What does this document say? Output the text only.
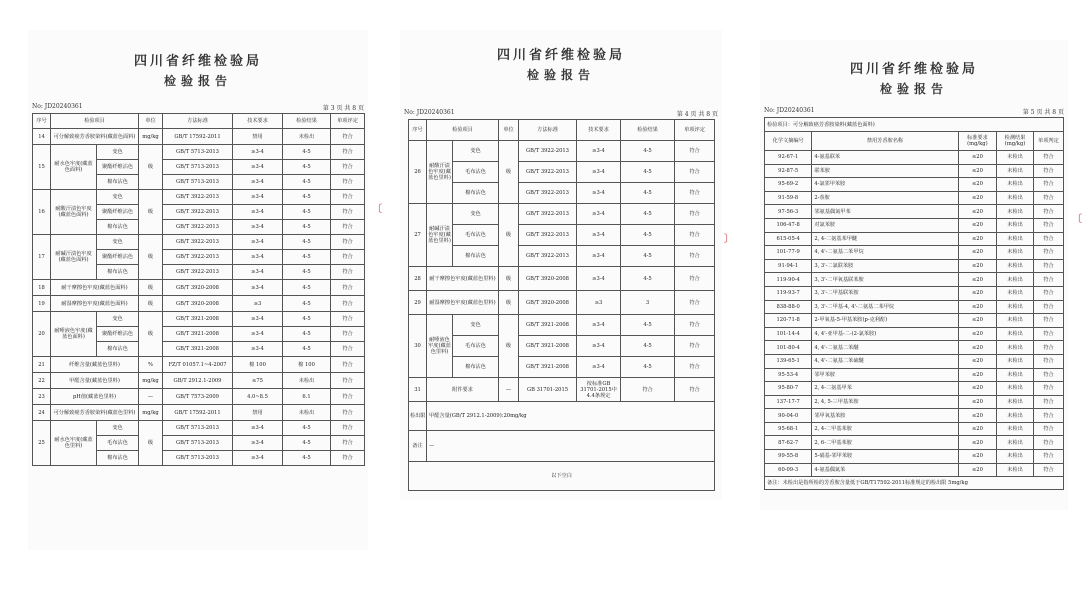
四川省纤维检验局
检验报告
No: JD20240361	第 3 页 共 8 页
序号	检验项目		单位	方法标准	技术要求	检验结果	单项评定
14	可分解致癌芳香胺染料(藏蓝色面料)		mg/kg	GB/T 17592-2011	禁用	未检出	符合
15	耐水色牢度(藏蓝色面料)	变色	级	GB/T 5713-2013	≥3-4	4-5	符合
		聚酯纤维沾色		GB/T 5713-2013	≥3-4	4-5	符合
		棉布沾色		GB/T 5713-2013	≥3-4	4-5	符合
16	耐酸汗渍色牢度(藏蓝色面料)	变色	级	GB/T 3922-2013	≥3-4	4-5	符合
		聚酯纤维沾色		GB/T 3922-2013	≥3-4	4-5	符合
		棉布沾色		GB/T 3922-2013	≥3-4	4-5	符合
17	耐碱汗渍色牢度(藏蓝色面料)	变色	级	GB/T 3922-2013	≥3-4	4-5	符合
		聚酯纤维沾色		GB/T 3922-2013	≥3-4	4-5	符合
		棉布沾色		GB/T 3922-2013	≥3-4	4-5	符合
18	耐干摩擦色牢度(藏蓝色面料)		级	GB/T 3920-2008	≥3-4	4-5	符合
19	耐湿摩擦色牢度(藏蓝色面料)		级	GB/T 3920-2008	≥3	4-5	符合
20	耐唾液色牢度(藏蓝色面料)	变色	级	GB/T 3921-2008	≥3-4	4-5	符合
		聚酯纤维沾色		GB/T 3921-2008	≥3-4	4-5	符合
		棉布沾色		GB/T 3921-2008	≥3-4	4-5	符合
21	纤维含量(藏蓝色里料)		%	FZ/T 01057.1~4-2007	棉 100	棉 100	符合
22	甲醛含量(藏蓝色里料)		mg/kg	GB/T 2912.1-2009	≤75	未检出	符合
23	pH值(藏蓝色里料)		—	GB/T 7573-2009	4.0~8.5	6.1	符合
24	可分解致癌芳香胺染料(藏蓝色里料)		mg/kg	GB/T 17592-2011	禁用	未检出	符合
25	耐水色牢度(藏蓝色里料)	变色	级	GB/T 5713-2013	≥3-4	4-5	符合
		毛布沾色		GB/T 5713-2013	≥3-4	4-5	符合
		棉布沾色		GB/T 5713-2013	≥3-4	4-5	符合
四川省纤维检验局
检验报告
No: JD20240361	第 4 页 共 8 页
序号	检验项目		单位	方法标准	技术要求	检验结果	单项评定
26	耐酸汗渍色牢度(藏蓝色里料)	变色	级	GB/T 3922-2013	≥3-4	4-5	符合
		毛布沾色		GB/T 3922-2013	≥3-4	4-5	符合
		棉布沾色		GB/T 3922-2013	≥3-4	4-5	符合
27	耐碱汗渍色牢度(藏蓝色里料)	变色	级	GB/T 3922-2013	≥3-4	4-5	符合
		毛布沾色		GB/T 3922-2013	≥3-4	4-5	符合
		棉布沾色		GB/T 3922-2013	≥3-4	4-5	符合
28	耐干摩擦色牢度(藏蓝色里料)		级	GB/T 3920-2008	≥3-4	4-5	符合
29	耐湿摩擦色牢度(藏蓝色里料)		级	GB/T 3920-2008	≥3	3	符合
30	耐唾液色牢度(藏蓝色里料)	变色	级	GB/T 3921-2008	≥3-4	4-5	符合
		毛布沾色		GB/T 3921-2008	≥3-4	4-5	符合
		棉布沾色		GB/T 3921-2008	≥3-4	4-5	符合
31	附件要求		—	GB 31701-2015	按标准GB 31701-2015中4.4条规定	符合	符合
检出限	甲醛含量(GB/T 2912.1-2009):20mg/kg						
备注	—						
以下空白							
四川省纤维检验局
检验报告
No: JD20240361	第 5 页 共 8 页
检验项目：可分解致癌芳香胺染料(藏蓝色面料)				
化学文摘编号	禁用芳香胺名称	标准要求(mg/kg)	检测结果(mg/kg)	单项判定
92-67-1	4-氨基联苯	≤20	未检出	符合
92-87-5	联苯胺	≤20	未检出	符合
95-69-2	4-氯邻甲苯胺	≤20	未检出	符合
91-59-8	2-萘胺	≤20	未检出	符合
97-56-3	邻氨基偶氮甲苯	≤20	未检出	符合
106-47-8	对氯苯胺	≤20	未检出	符合
615-05-4	2, 4-二氨基苯甲醚	≤20	未检出	符合
101-77-9	4, 4'-二氨基二苯甲烷	≤20	未检出	符合
91-94-1	3, 3'-二氯联苯胺	≤20	未检出	符合
119-90-4	3, 3'-二甲氧基联苯胺	≤20	未检出	符合
119-93-7	3, 3'-二甲基联苯胺	≤20	未检出	符合
838-88-0	3, 3'-二甲基-4, 4'-二氨基二苯甲烷	≤20	未检出	符合
120-71-8	2-甲氧基-5-甲基苯胺(p-克利酊)	≤20	未检出	符合
101-14-4	4, 4'-亚甲基-二-(2-氯苯胺)	≤20	未检出	符合
101-80-4	4, 4'-二氨基二苯醚	≤20	未检出	符合
139-65-1	4, 4'-二氨基二苯硫醚	≤20	未检出	符合
95-53-4	邻甲苯胺	≤20	未检出	符合
95-80-7	2, 4-二氨基甲苯	≤20	未检出	符合
137-17-7	2, 4, 5-三甲基苯胺	≤20	未检出	符合
90-04-0	邻甲氧基苯胺	≤20	未检出	符合
95-68-1	2, 4-二甲基苯胺	≤20	未检出	符合
87-62-7	2, 6-二甲基苯胺	≤20	未检出	符合
99-55-8	5-硝基-邻甲苯胺	≤20	未检出	符合
60-09-3	4-氨基偶氮苯	≤20	未检出	符合
备注：未检出是指所检的芳香胺含量低于GB/T17592-2011标准规定的检出限 5mg/kg				
〔
〕
〔
